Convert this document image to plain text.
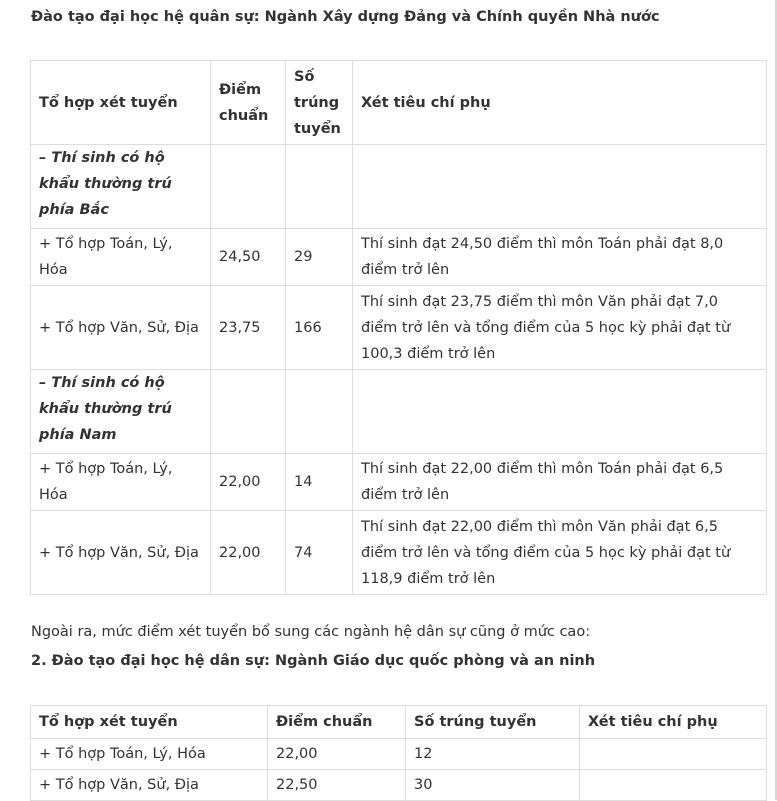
Đào tạo đại học hệ quân sự: Ngành Xây dựng Đảng và Chính quyền Nhà nước

Tổ hợp xét tuyển	Điểm chuẩn	Số trúng tuyển	Xét tiêu chí phụ
– Thí sinh có hộ khẩu thường trú phía Bắc			
+ Tổ hợp Toán, Lý, Hóa	24,50	29	Thí sinh đạt 24,50 điểm thì môn Toán phải đạt 8,0 điểm trở lên
+ Tổ hợp Văn, Sử, Địa	23,75	166	Thí sinh đạt 23,75 điểm thì môn Văn phải đạt 7,0 điểm trở lên và tổng điểm của 5 học kỳ phải đạt từ 100,3 điểm trở lên
– Thí sinh có hộ khẩu thường trú phía Nam			
+ Tổ hợp Toán, Lý, Hóa	22,00	14	Thí sinh đạt 22,00 điểm thì môn Toán phải đạt 6,5 điểm trở lên
+ Tổ hợp Văn, Sử, Địa	22,00	74	Thí sinh đạt 22,00 điểm thì môn Văn phải đạt 6,5 điểm trở lên và tổng điểm của 5 học kỳ phải đạt từ 118,9 điểm trở lên

Ngoài ra, mức điểm xét tuyển bổ sung các ngành hệ dân sự cũng ở mức cao:

2. Đào tạo đại học hệ dân sự: Ngành Giáo dục quốc phòng và an ninh

Tổ hợp xét tuyển	Điểm chuẩn	Số trúng tuyển	Xét tiêu chí phụ
+ Tổ hợp Toán, Lý, Hóa	22,00	12	
+ Tổ hợp Văn, Sử, Địa	22,50	30	
